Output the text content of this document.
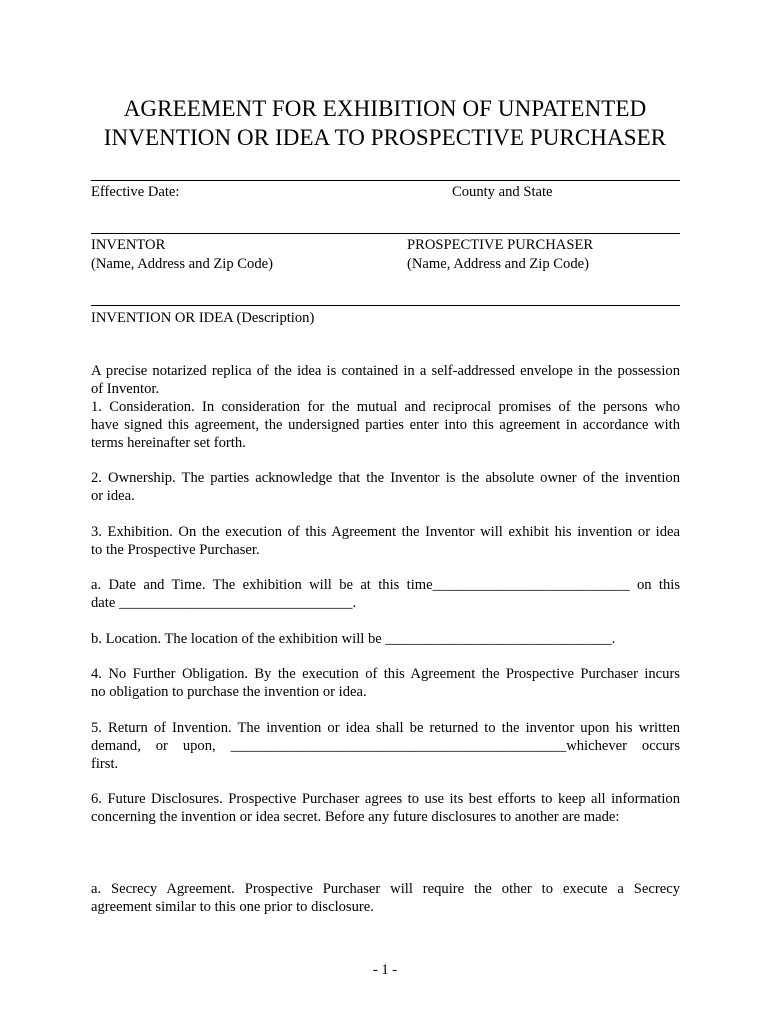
AGREEMENT FOR EXHIBITION OF UNPATENTED
INVENTION OR IDEA TO PROSPECTIVE PURCHASER
Effective Date:	County and State
INVENTOR
(Name, Address and Zip Code)
PROSPECTIVE PURCHASER
(Name, Address and Zip Code)
INVENTION OR IDEA (Description)
A precise notarized replica of the idea is contained in a self-addressed envelope in the possession
of Inventor.
1. Consideration. In consideration for the mutual and reciprocal promises of the persons who
have signed this agreement, the undersigned parties enter into this agreement in accordance with
terms hereinafter set forth.
2. Ownership. The parties acknowledge that the Inventor is the absolute owner of the invention
or idea.
3. Exhibition. On the execution of this Agreement the Inventor will exhibit his invention or idea
to the Prospective Purchaser.
a. Date and Time. The exhibition will be at this time___________________________ on this
date ________________________________.
b. Location. The location of the exhibition will be _______________________________.
4. No Further Obligation. By the execution of this Agreement the Prospective Purchaser incurs
no obligation to purchase the invention or idea.
5. Return of Invention. The invention or idea shall be returned to the inventor upon his written
demand, or upon, ______________________________________________whichever occurs
first.
6. Future Disclosures. Prospective Purchaser agrees to use its best efforts to keep all information
concerning the invention or idea secret. Before any future disclosures to another are made:
a. Secrecy Agreement. Prospective Purchaser will require the other to execute a Secrecy
agreement similar to this one prior to disclosure.
- 1 -
